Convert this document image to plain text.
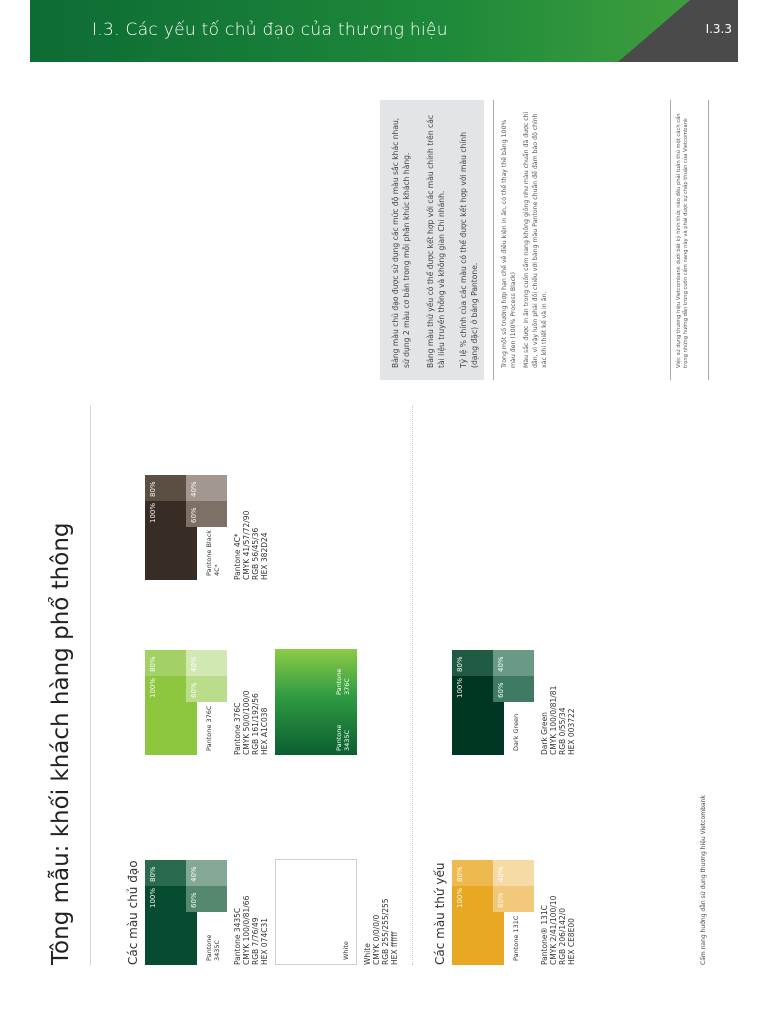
I.3. Các yếu tố chủ đạo của thương hiệu	I.3.3
Tông mẫu: khối khách hàng phổ thông	Các màu chủ đạo	Pantone 3435C
100%
80%
60%
40%
Pantone 3435C CMYK 100/0/81/66 RGB 7/76/49 HEX 074C31
Pantone 376C
100%
80%
60%
40%
Pantone 376C CMYK 50/0/100/0 RGB 161/192/56 HEX A1C038
Pantone Black 4C*
100%
80%
60%
40%
Pantone 4C* CMYK 41/57/72/90 RGB 56/45/36 HEX 382D24
White White CMYK 0/0/0/0 RGB 255/255/255 HEX ffffff
Pantone 3435C
Pantone 376C
Các màu thứ yếu	Pantone 131C
100%
80%
60%
40%
Pantone® 131C CMYK 2/41/100/10 RGB 206/142/0 HEX CE8E00
Dark Green
100%
80%
60%
40%
Dark Green CMYK 100/0/81/81 RGB 0/55/34 HEX 003722
Bảng màu chủ đạo được sử dụng các mức độ màu sắc khác nhau, sử dụng 2 màu cơ bản trong mỗi phân khúc khách hàng. Bảng màu thứ yếu có thể được kết hợp với các màu chính trên các tài liệu truyền thông và không gian Chi nhánh. Tỷ lệ % chính của các màu có thể được kết hợp với màu chính (dạng đặc) ở bảng Pantone.	Trong một số trường hợp hạn chế về điều kiện in ấn, có thể thay thế bằng 100% màu đen (100% Process Black) Màu sắc được in ấn trong cuốn cẩm nang không giống như màu chuẩn đã được chỉ dẫn, vì vậy luôn phải đối chiếu với bảng màu Pantone chuẩn để đảm bảo độ chính xác khi thiết kế và in ấn.	Việc sử dụng thương hiệu Vietcombank dưới bất kỳ hình thức nào đều phải tuân thủ một cách cẩn trọng những hướng dẫn trong cuốn cẩm nang này và phải được sự chấp thuận của Vietcombank
Cẩm nang hướng dẫn sử dụng thương hiệu Vietcombank
